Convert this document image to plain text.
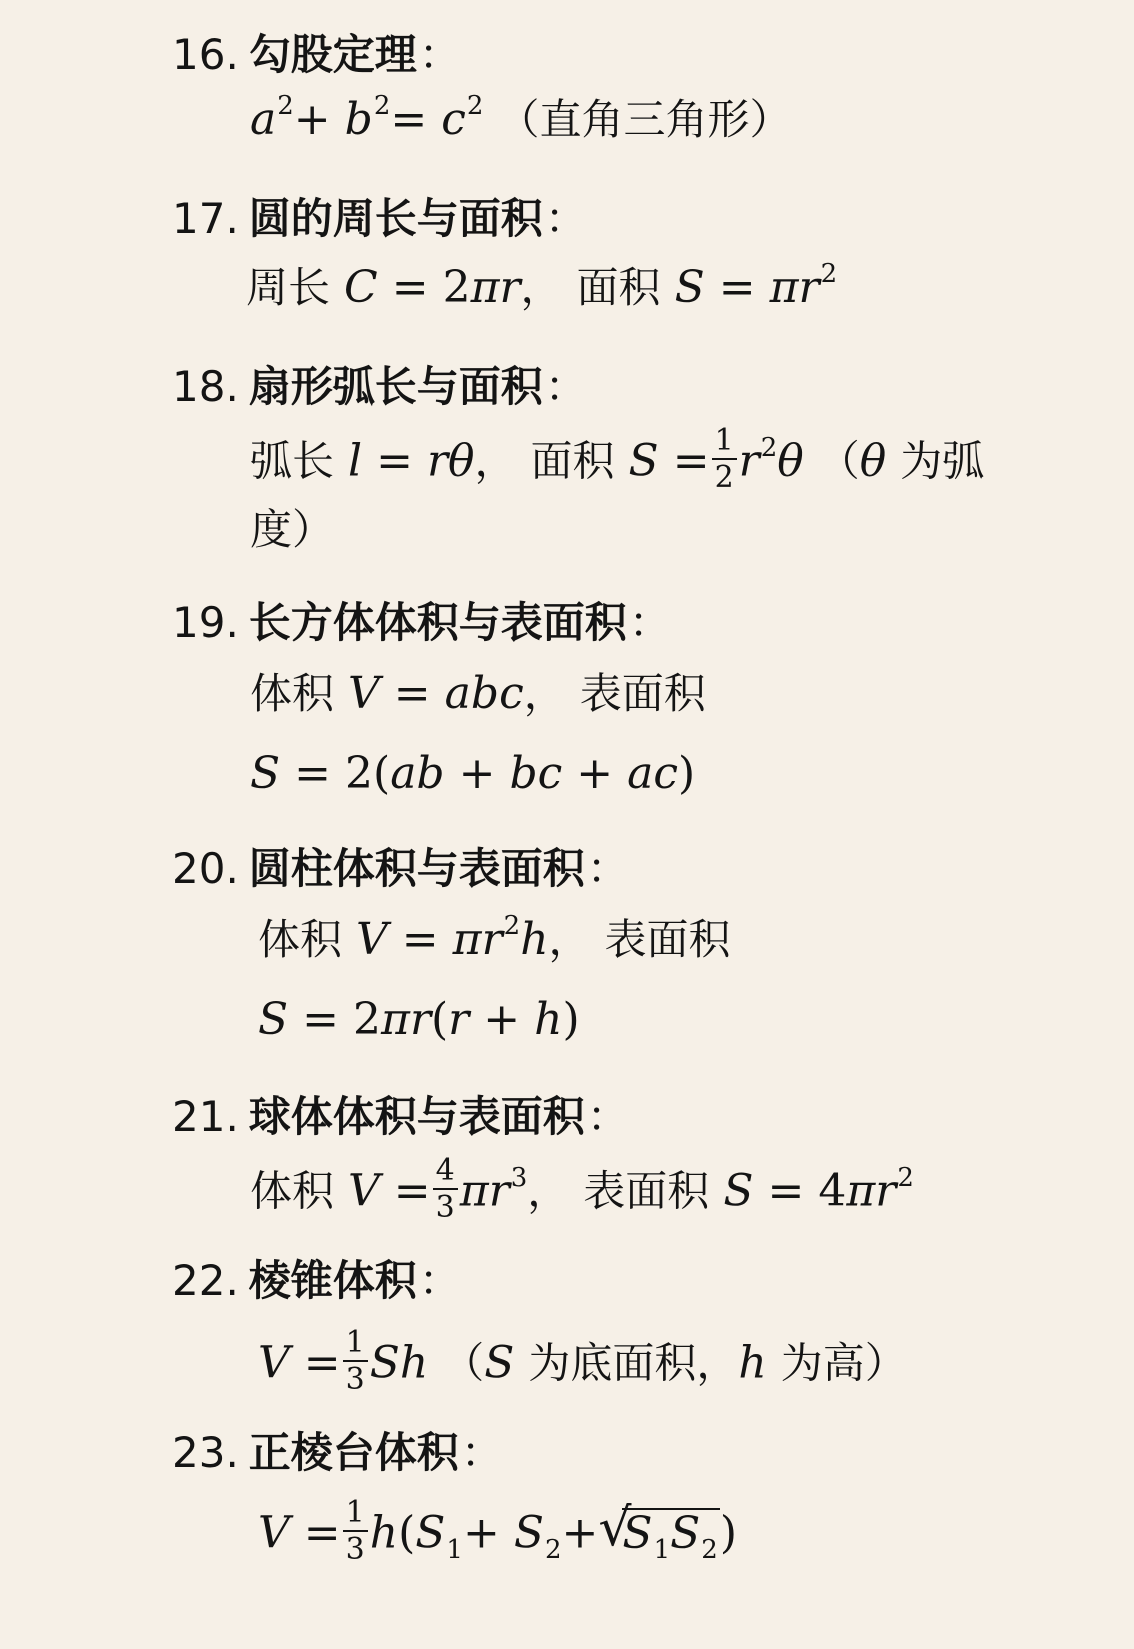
16. 勾股定理：

$a^2+ b^2= c^2$ （直角三角形）

17. 圆的周长与面积：

周长 C = 2πr， 面积 $S = \pi r^2$

18. 扇形弧长与面积：

弧长 l = rθ， 面积 $S = \frac{1}{2} r^2\theta$ （θ 为弧

度）

19. 长方体体积与表面积：

体积 V = abc， 表面积

S = 2(ab + bc + ac)

20. 圆柱体积与表面积：

体积 $V = \pi r^2h$， 表面积

S = 2πr(r + h)

21. 球体体积与表面积：

体积 $V = \frac{4}{3} \pi r^3$， 表面积 $S = 4\pi r^2$

22. 棱锥体积：

$V = \frac{1}{3}$ Sh （S 为底面积，h 为高）

23. 正棱台体积：

$V = \frac{1}{3} h(S_1+ S_2+$ √
$S_1S_2$)
